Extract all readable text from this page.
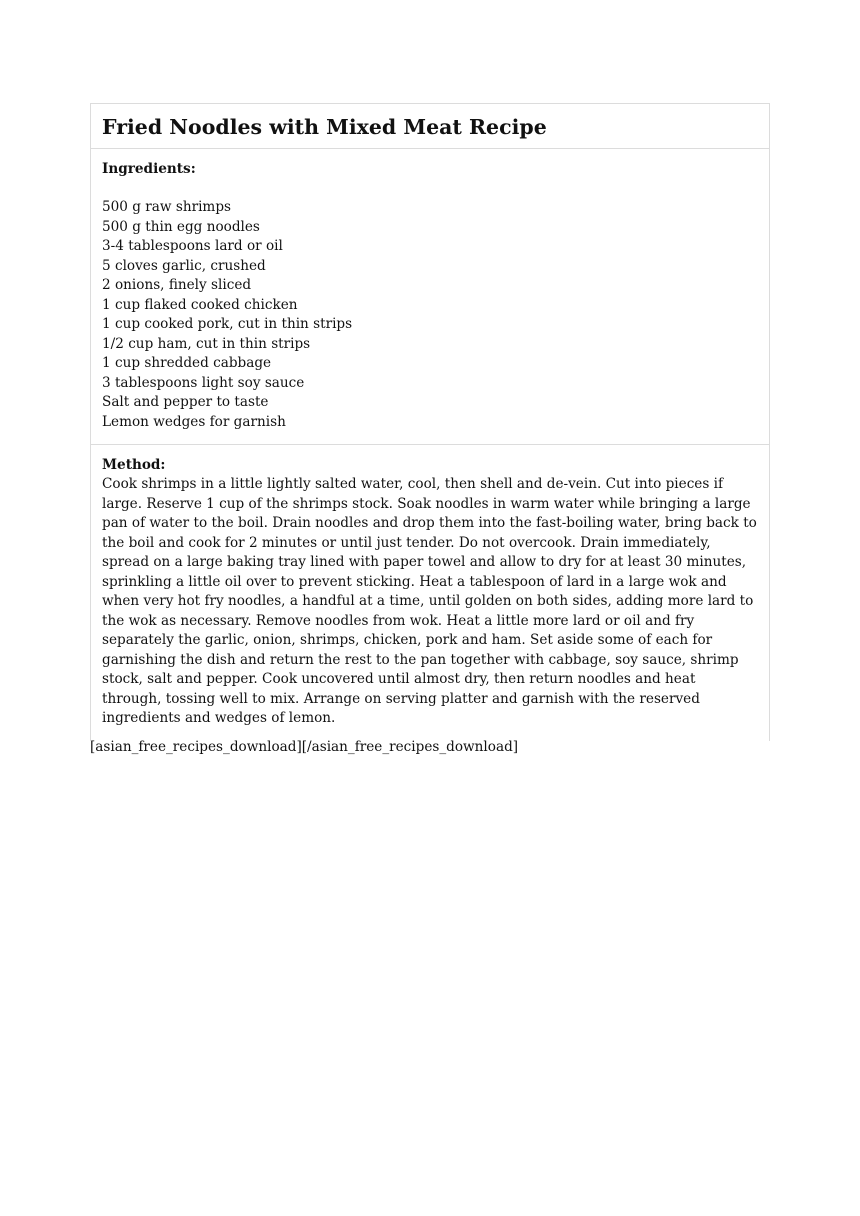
Fried Noodles with Mixed Meat Recipe

Ingredients:

500 g raw shrimps
500 g thin egg noodles
3-4 tablespoons lard or oil
5 cloves garlic, crushed
2 onions, finely sliced
1 cup flaked cooked chicken
1 cup cooked pork, cut in thin strips
1/2 cup ham, cut in thin strips
1 cup shredded cabbage
3 tablespoons light soy sauce
Salt and pepper to taste
Lemon wedges for garnish

Method:

Cook shrimps in a little lightly salted water, cool, then shell and de-vein. Cut into pieces if large. Reserve 1 cup of the shrimps stock. Soak noodles in warm water while bringing a large pan of water to the boil. Drain noodles and drop them into the fast-boiling water, bring back to the boil and cook for 2 minutes or until just tender. Do not overcook. Drain immediately, spread on a large baking tray lined with paper towel and allow to dry for at least 30 minutes, sprinkling a little oil over to prevent sticking. Heat a tablespoon of lard in a large wok and when very hot fry noodles, a handful at a time, until golden on both sides, adding more lard to the wok as necessary. Remove noodles from wok. Heat a little more lard or oil and fry separately the garlic, onion, shrimps, chicken, pork and ham. Set aside some of each for garnishing the dish and return the rest to the pan together with cabbage, soy sauce, shrimp stock, salt and pepper. Cook uncovered until almost dry, then return noodles and heat through, tossing well to mix. Arrange on serving platter and garnish with the reserved ingredients and wedges of lemon.

[asian_free_recipes_download][/asian_free_recipes_download]
